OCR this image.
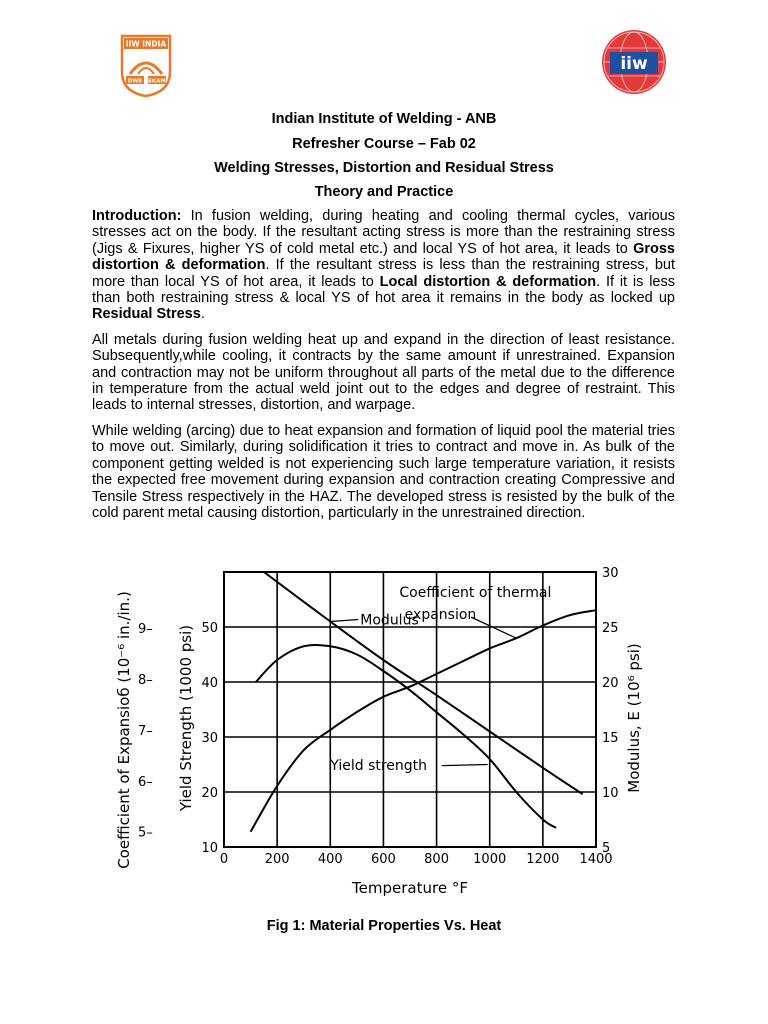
IIW INDIA
DWE EKAM
iiw
Indian Institute of Welding - ANB
Refresher Course – Fab 02
Welding Stresses, Distortion and Residual Stress
Theory and Practice

Introduction: In fusion welding, during heating and cooling thermal cycles, various stresses act on the body. If the resultant acting stress is more than the restraining stress (Jigs & Fixures, higher YS of cold metal etc.) and local YS of hot area, it leads to Gross distortion & deformation. If the resultant stress is less than the restraining stress, but more than local YS of hot area, it leads to Local distortion & deformation. If it is less than both restraining stress & local YS of hot area it remains in the body as locked up Residual Stress.

All metals during fusion welding heat up and expand in the direction of least resistance. Subsequently,while cooling, it contracts by the same amount if unrestrained. Expansion and contraction may not be uniform throughout all parts of the metal due to the difference in temperature from the actual weld joint out to the edges and degree of restraint. This leads to internal stresses, distortion, and warpage.

While welding (arcing) due to heat expansion and formation of liquid pool the material tries to move out. Similarly, during solidification it tries to contract and move in. As bulk of the component getting welded is not experiencing such large temperature variation, it resists the expected free movement during expansion and contraction creating Compressive and Tensile Stress respectively in the HAZ. The developed stress is resisted by the bulk of the cold parent metal causing distortion, particularly in the unrestrained direction.

0	200 400 600 800 1000 1200 1400
10
20
30
40
50
5
10
15
20
25
30
5–
6–
7–
8–
9–
Modulus
Coefficient of thermal
expansion
Yield strength
Temperature °F
Coefficient of Expansioб (10⁻⁶ in./in.)	Yield Strength (1000 psi)	Modulus, E (10⁶ psi)
Fig 1: Material Properties Vs. Heat
